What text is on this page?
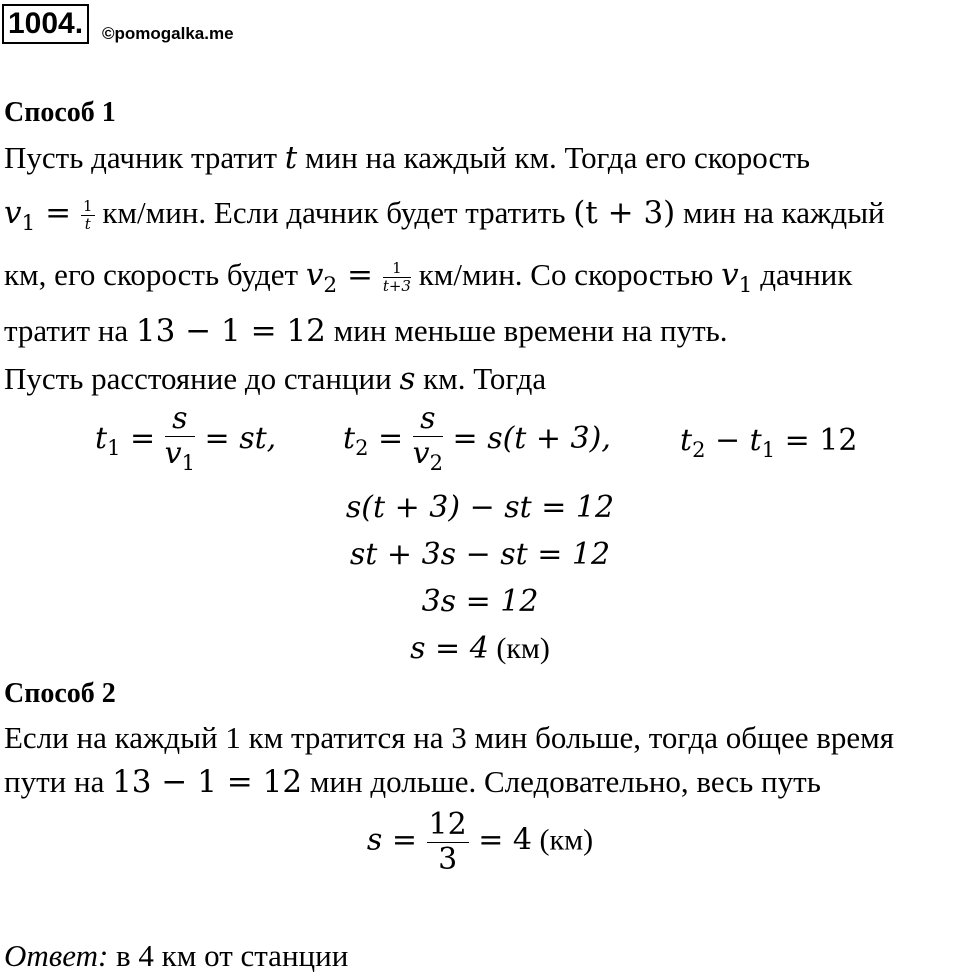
1004.	©pomogalka.me
Способ 1
Пусть дачник тратит t мин на каждый км. Тогда его скорость
$v_1 = \frac{1}{t} км/мин$. Если дачник будет тратить (t + 3) мин на каждый
км, его скорость будет $v_2 = \frac{1}{t+3} км/мин$. Со скоростью $v_1$ дачник
тратит на 13 − 1 = 12 мин меньше времени на путь.
Пусть расстояние до станции s км. Тогда
$t_1 = \frac{s}{v_1}$ = st, $t_2 = \frac{s}{v_2} = s(t + 3)$, $t_2 - t_1 = 12$
s(t + 3) − st = 12
st + 3s − st = 12
3s = 12
s = 4 (км)
Способ 2
Если на каждый 1 км тратится на 3 мин больше, тогда общее время
пути на 13 − 1 = 12 мин дольше. Следовательно, весь путь
$s = \frac{12}{3} = 4$ (км)
Ответ: в 4 км от станции
